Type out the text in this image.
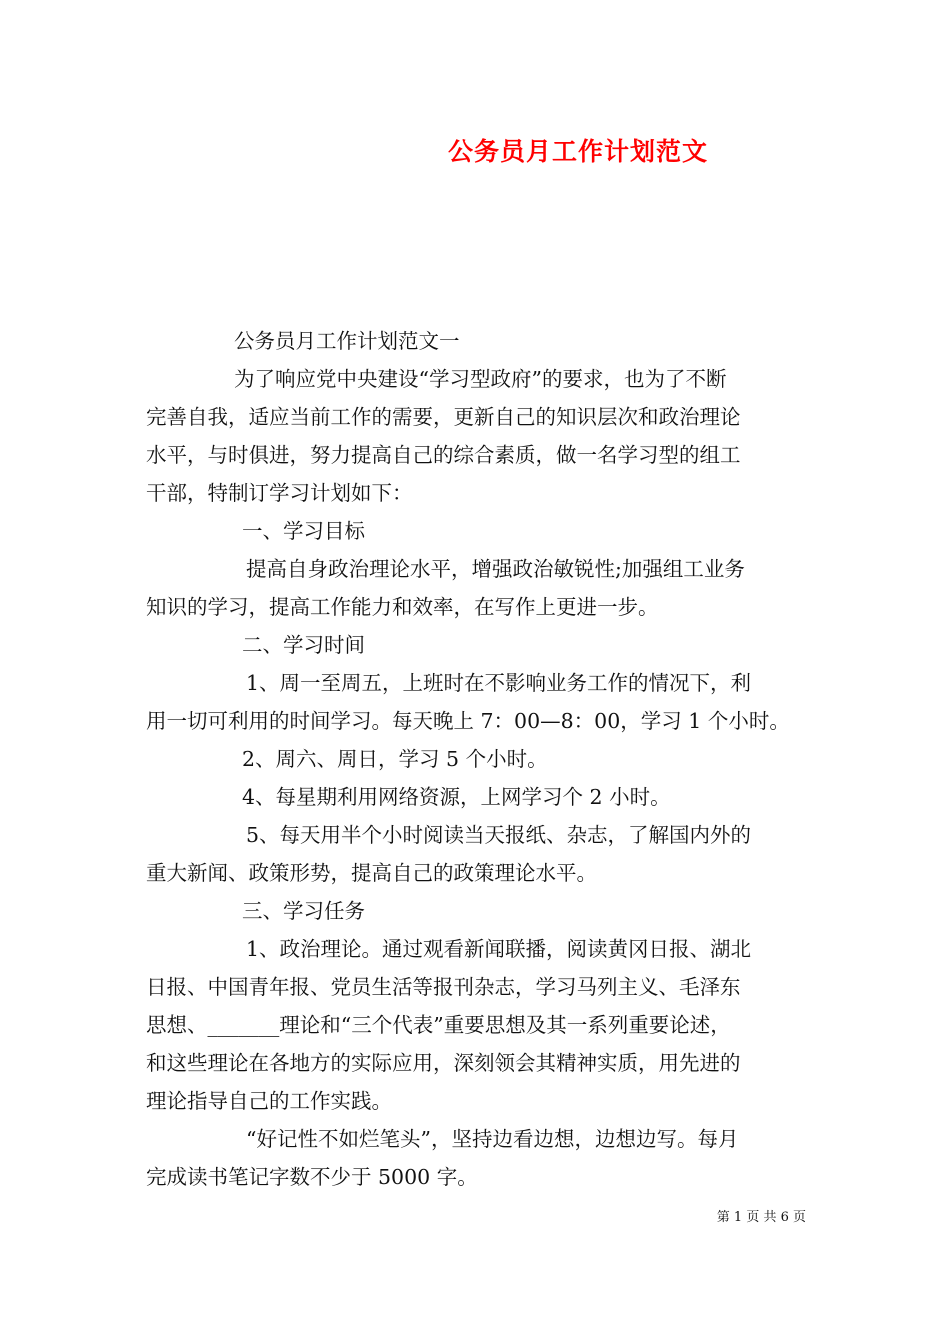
公务员月工作计划范文

公务员月工作计划范文一

为了响应党中央建设“学习型政府”的要求，也为了不断

完善自我，适应当前工作的需要，更新自己的知识层次和政治理论

水平，与时俱进，努力提高自己的综合素质，做一名学习型的组工

干部，特制订学习计划如下：

一、学习目标

提高自身政治理论水平，增强政治敏锐性;加强组工业务

知识的学习，提高工作能力和效率，在写作上更进一步。

二、学习时间

1、周一至周五，上班时在不影响业务工作的情况下，利

用一切可利用的时间学习。每天晚上 7：00—8：00，学习 1 个小时。

2、周六、周日，学习 5 个小时。

4、每星期利用网络资源，上网学习个 2 小时。

5、每天用半个小时阅读当天报纸、杂志，了解国内外的

重大新闻、政策形势，提高自己的政策理论水平。

三、学习任务

1、政治理论。通过观看新闻联播，阅读黄冈日报、湖北

日报、中国青年报、党员生活等报刊杂志，学习马列主义、毛泽东

思想、_______理论和“三个代表”重要思想及其一系列重要论述，

和这些理论在各地方的实际应用，深刻领会其精神实质，用先进的

理论指导自己的工作实践。

“好记性不如烂笔头”，坚持边看边想，边想边写。每月

完成读书笔记字数不少于 5000 字。

第 1 页 共 6 页
